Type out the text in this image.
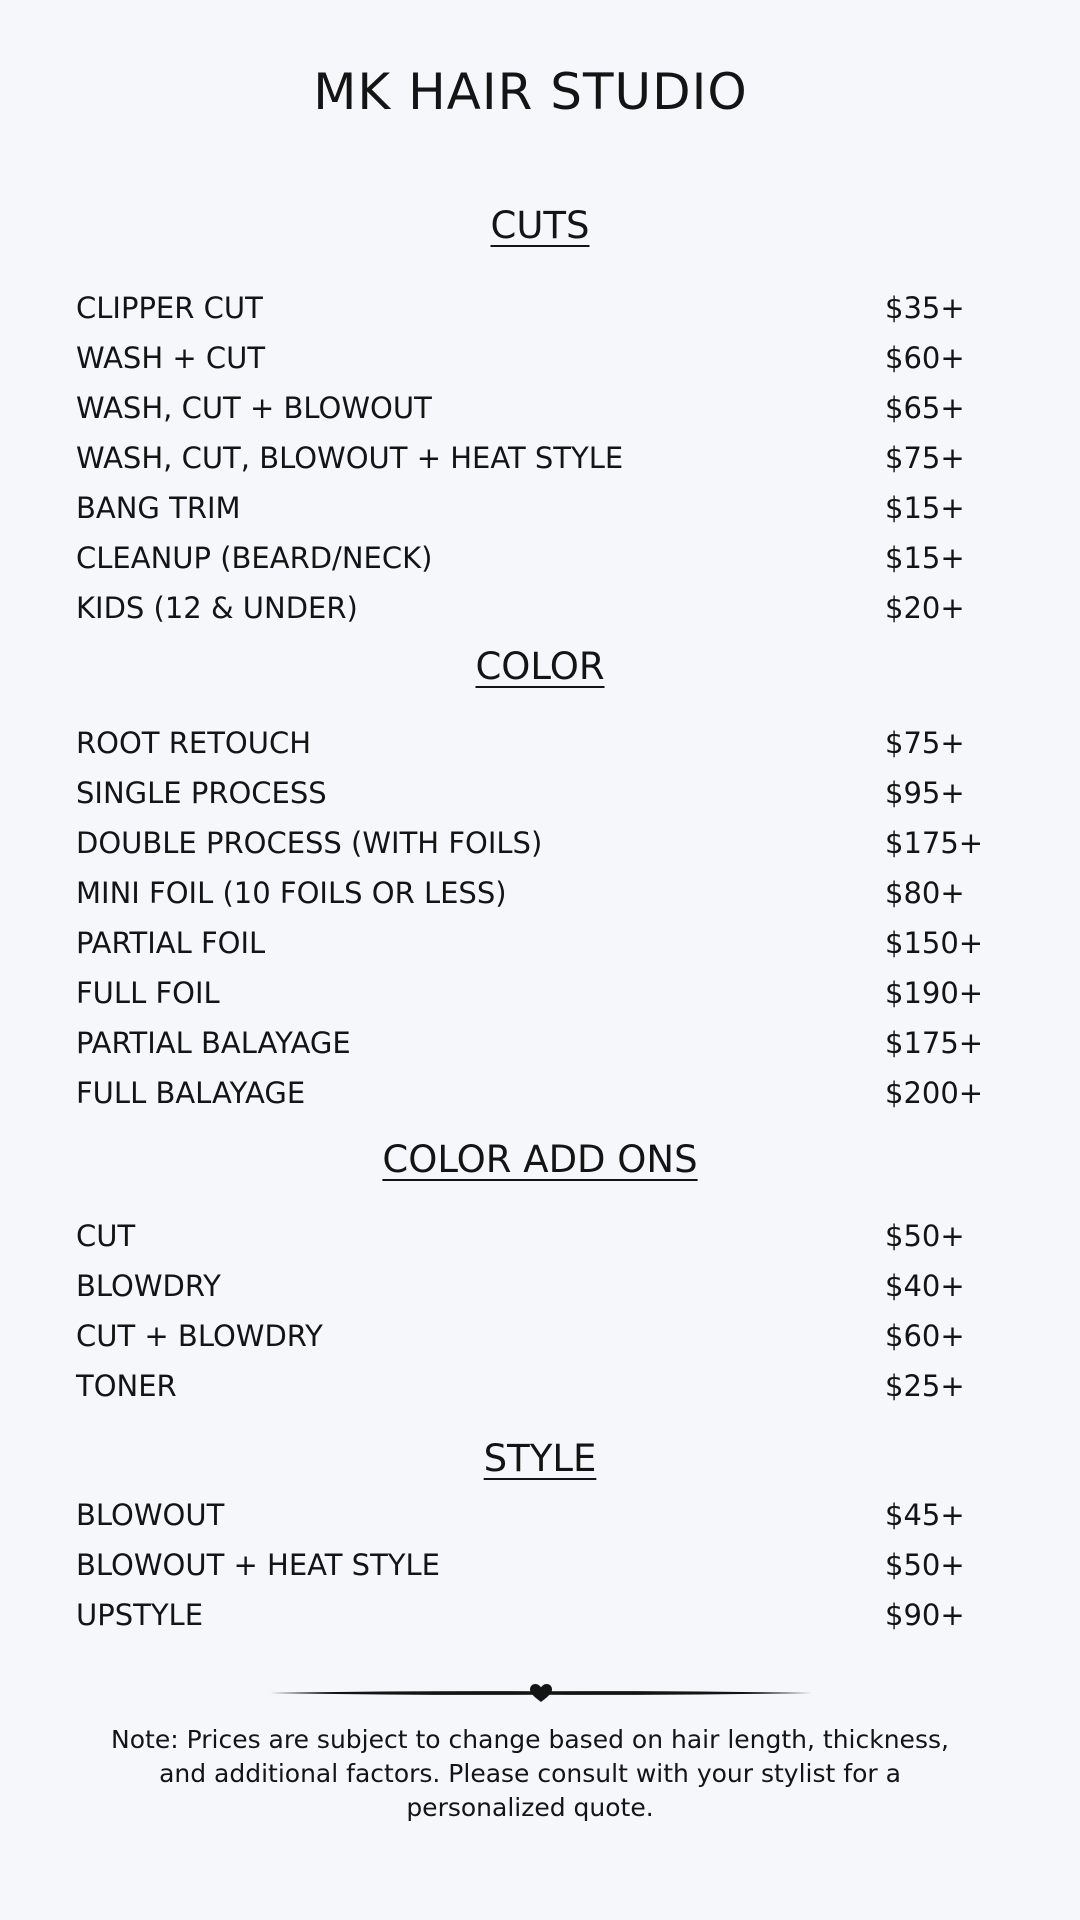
MK HAIR STUDIO
CUTS
CLIPPER CUT	$35+
WASH + CUT	$60+
WASH, CUT + BLOWOUT	$65+
WASH, CUT, BLOWOUT + HEAT STYLE	$75+
BANG TRIM	$15+
CLEANUP (BEARD/NECK)	$15+
KIDS (12 & UNDER)	$20+
COLOR
ROOT RETOUCH	$75+
SINGLE PROCESS	$95+
DOUBLE PROCESS (WITH FOILS)	$175+
MINI FOIL (10 FOILS OR LESS)	$80+
PARTIAL FOIL	$150+
FULL FOIL	$190+
PARTIAL BALAYAGE	$175+
FULL BALAYAGE	$200+
COLOR ADD ONS
CUT	$50+
BLOWDRY	$40+
CUT + BLOWDRY	$60+
TONER	$25+
STYLE
BLOWOUT	$45+
BLOWOUT + HEAT STYLE	$50+
UPSTYLE	$90+
Note: Prices are subject to change based on hair length, thickness, and additional factors. Please consult with your stylist for a personalized quote.
